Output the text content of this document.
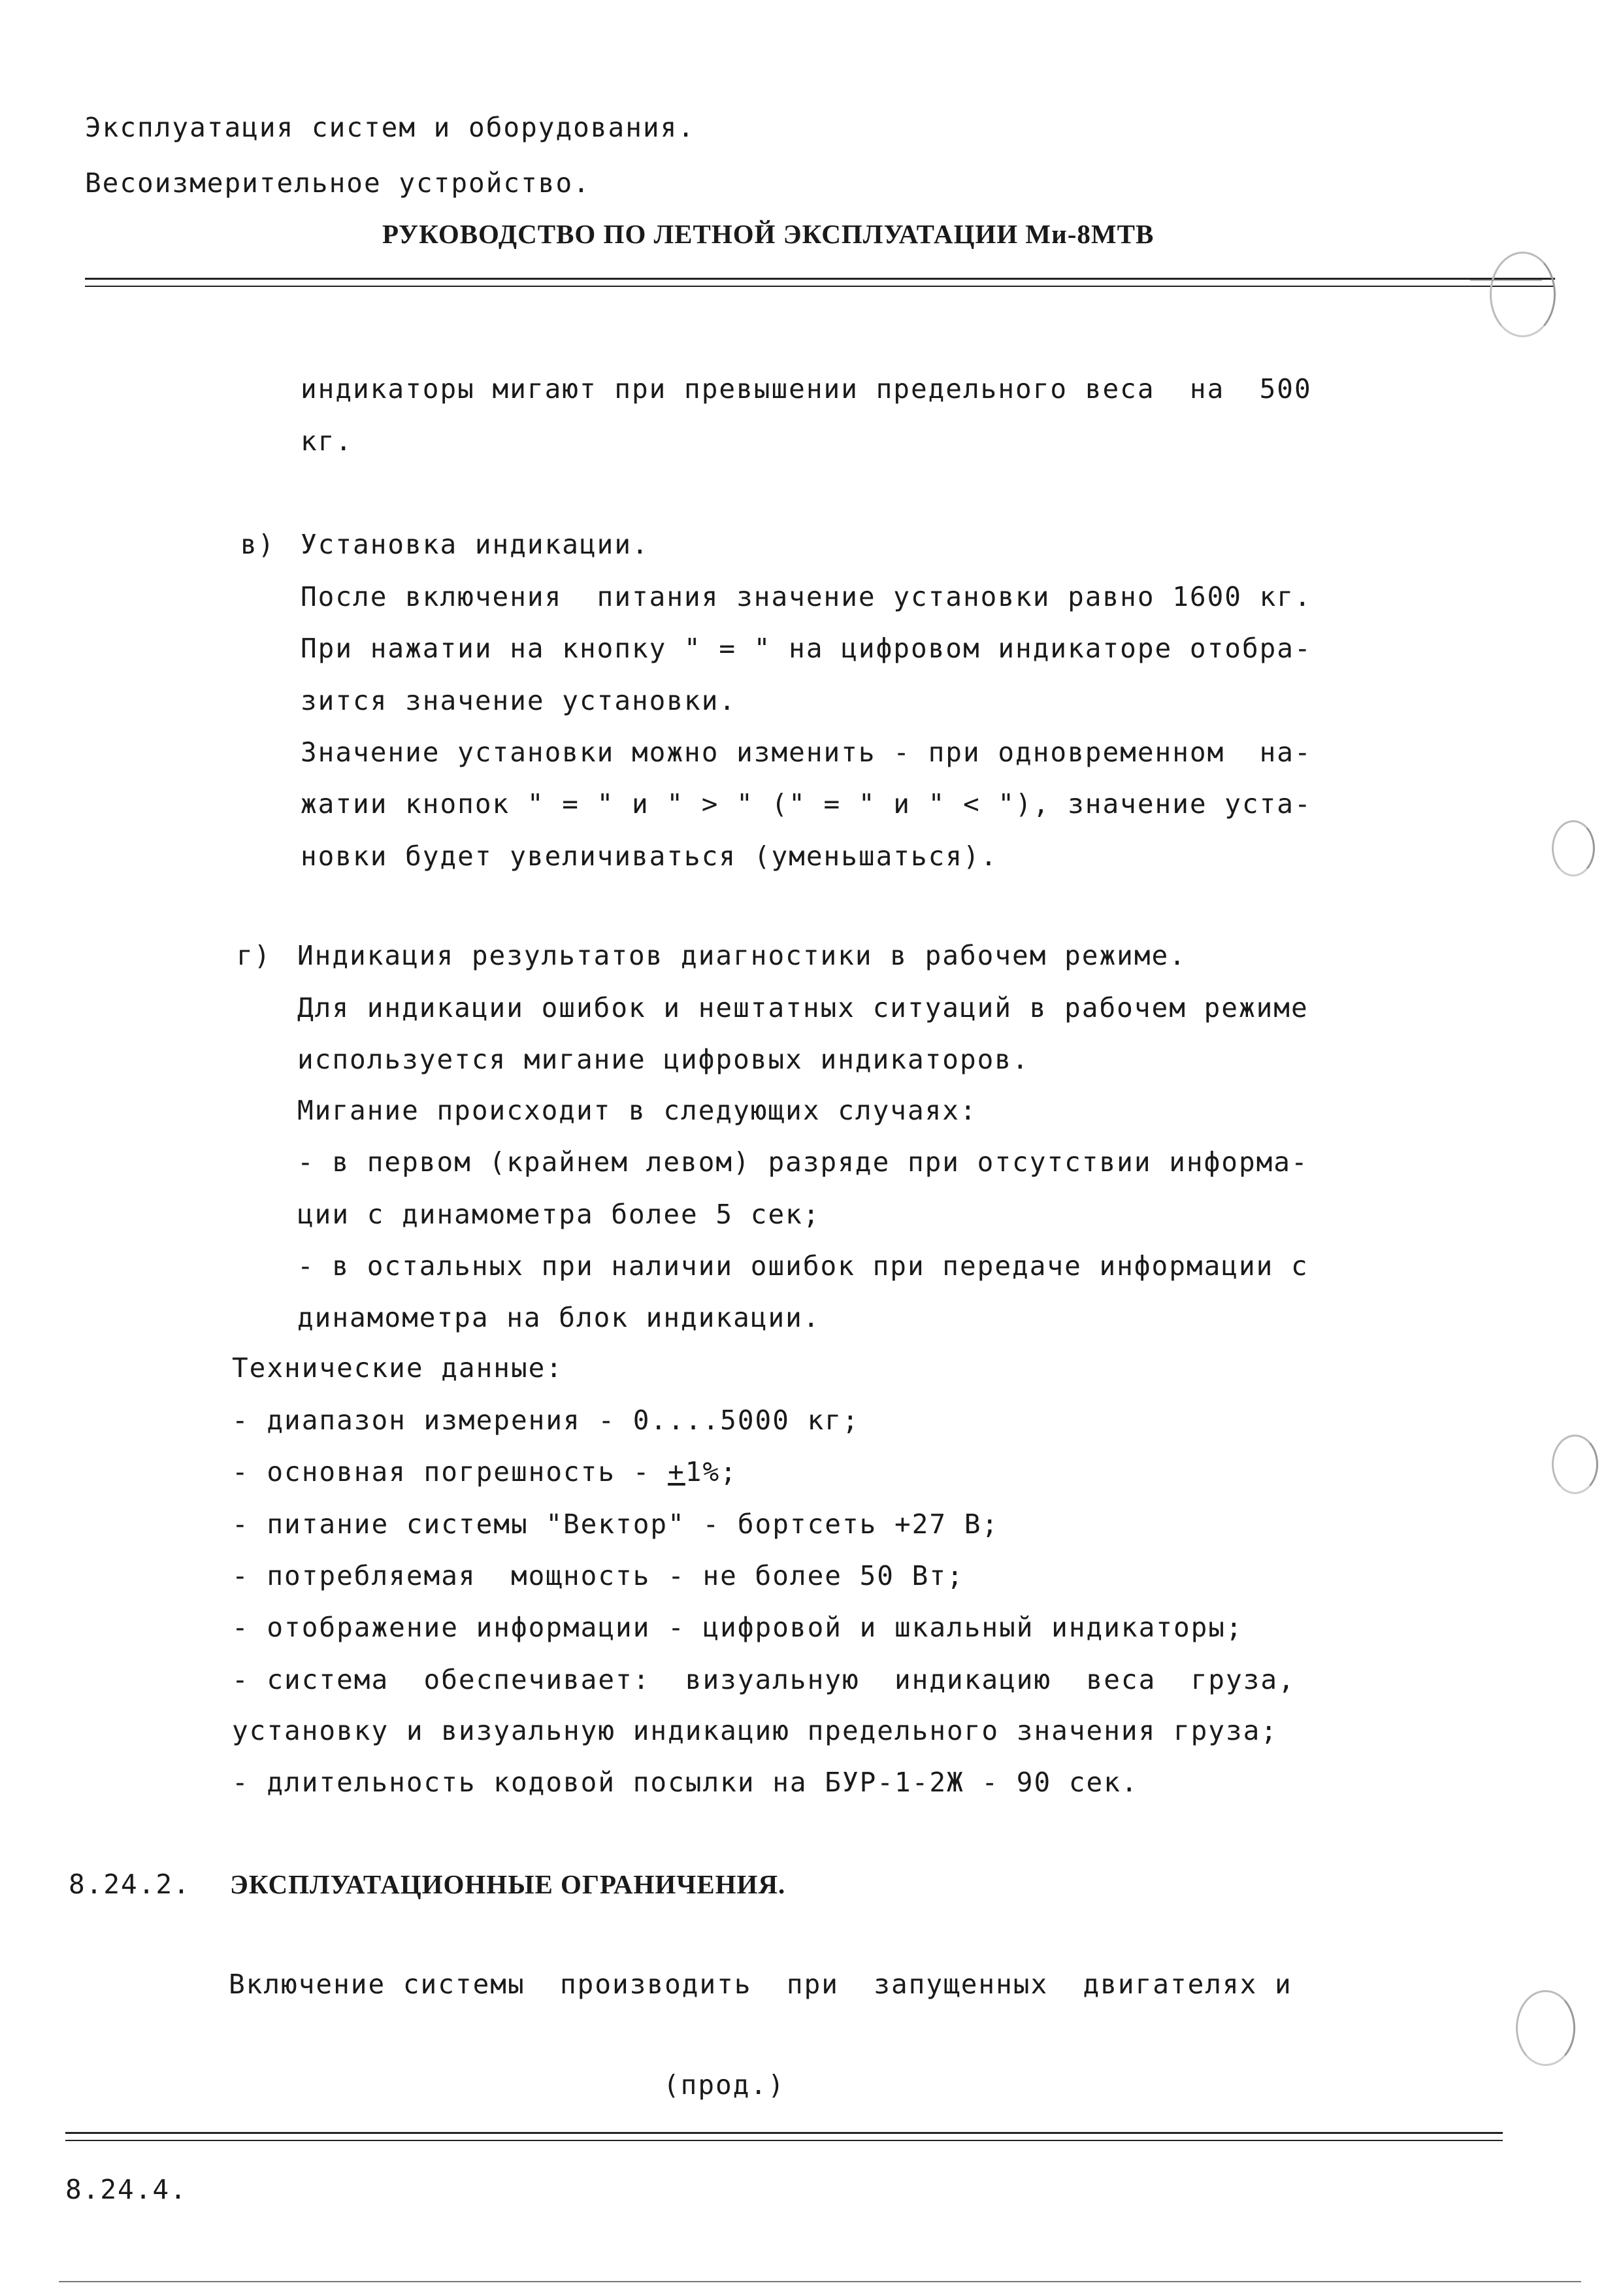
Эксплуатация систем и оборудования.
Весоизмерительное устройство.
РУКОВОДСТВО ПО ЛЕТНОЙ ЭКСПЛУАТАЦИИ Ми-8МТВ
индикаторы мигают при превышении предельного веса  на  500
кг.
в) Установка индикации.
После включения  питания значение установки равно 1600 кг.
При нажатии на кнопку " = " на цифровом индикаторе отобра-
зится значение установки.
Значение установки можно изменить - при одновременном  на-
жатии кнопок " = " и " > " (" = " и " < "), значение уста-
новки будет увеличиваться (уменьшаться).
г) Индикация результатов диагностики в рабочем режиме.
Для индикации ошибок и нештатных ситуаций в рабочем режиме
используется мигание цифровых индикаторов.
Мигание происходит в следующих случаях:
- в первом (крайнем левом) разряде при отсутствии информа-
ции с динамометра более 5 сек;
- в остальных при наличии ошибок при передаче информации с
динамометра на блок индикации.
Технические данные:
- диапазон измерения - 0....5000 кг;
- основная погрешность - +1%;
- питание системы "Вектор" - бортсеть +27 В;
- потребляемая  мощность - не более 50 Вт;
- отображение информации - цифровой и шкальный индикаторы;
- система  обеспечивает:  визуальную  индикацию  веса  груза,
установку и визуальную индикацию предельного значения груза;
- длительность кодовой посылки на БУР-1-2Ж - 90 сек.
8.24.2. ЭКСПЛУАТАЦИОННЫЕ ОГРАНИЧЕНИЯ.
Включение системы  производить  при  запущенных  двигателях и
(прод.)
8.24.4.
